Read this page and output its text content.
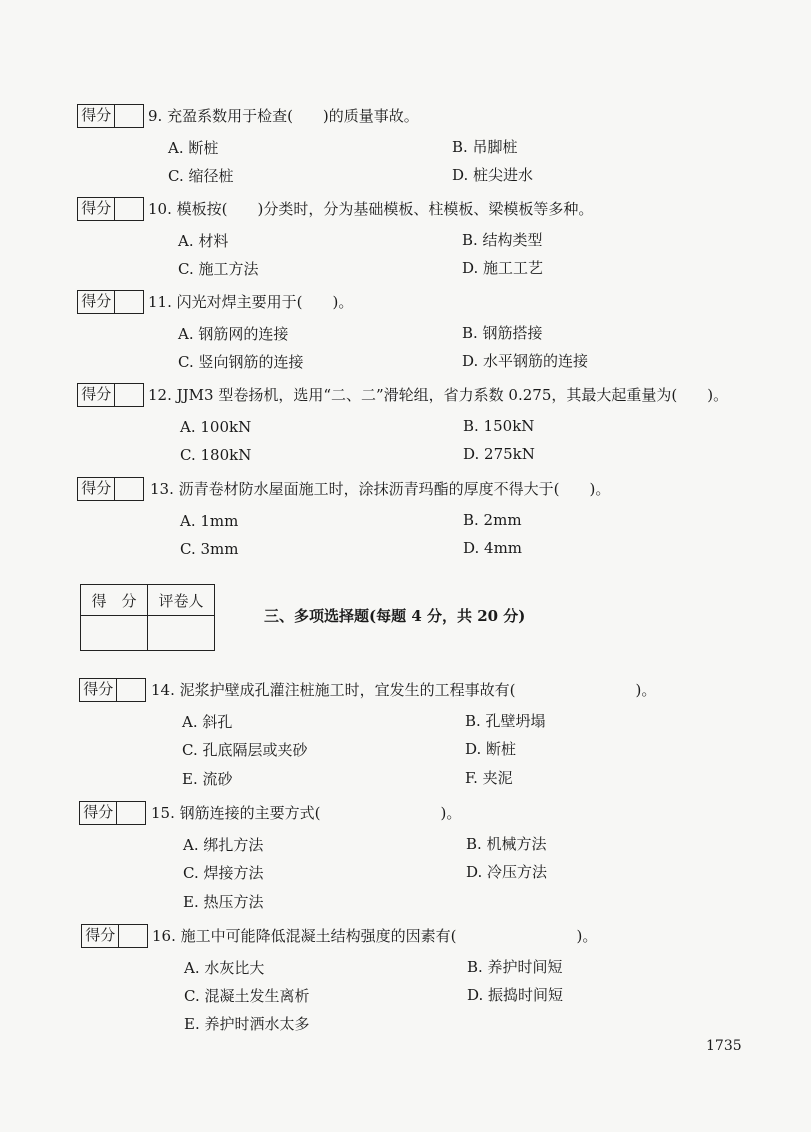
得分 9. 充盈系数用于检查(　　)的质量事故。
A. 断桩	B. 吊脚桩
C. 缩径桩	D. 桩尖进水
得分 10. 模板按(　　)分类时，分为基础模板、柱模板、梁模板等多种。
A. 材料	B. 结构类型
C. 施工方法	D. 施工工艺
得分 11. 闪光对焊主要用于(　　)。
A. 钢筋网的连接	B. 钢筋搭接
C. 竖向钢筋的连接	D. 水平钢筋的连接
得分 12. JJM3 型卷扬机，选用“二、二”滑轮组，省力系数 0.275，其最大起重量为(　　)。
A. 100kN	B. 150kN
C. 180kN	D. 275kN
得分	13. 沥青卷材防水屋面施工时，涂抹沥青玛酯的厚度不得大于(　　)。
A. 1mm	B. 2mm
C. 3mm	D. 4mm
得　分	评卷人

三、多项选择题(每题 4 分，共 20 分)
得分	14. 泥浆护壁成孔灌注桩施工时，宜发生的工程事故有(　　　　　　　　)。
A. 斜孔	B. 孔壁坍塌
C. 孔底隔层或夹砂	D. 断桩
E. 流砂	F. 夹泥
得分	15. 钢筋连接的主要方式(　　　　　　　　)。
A. 绑扎方法	B. 机械方法
C. 焊接方法	D. 冷压方法
E. 热压方法
得分 16. 施工中可能降低混凝土结构强度的因素有(　　　　　　　　)。
A. 水灰比大	B. 养护时间短
C. 混凝土发生离析	D. 振捣时间短
E. 养护时洒水太多
1735
